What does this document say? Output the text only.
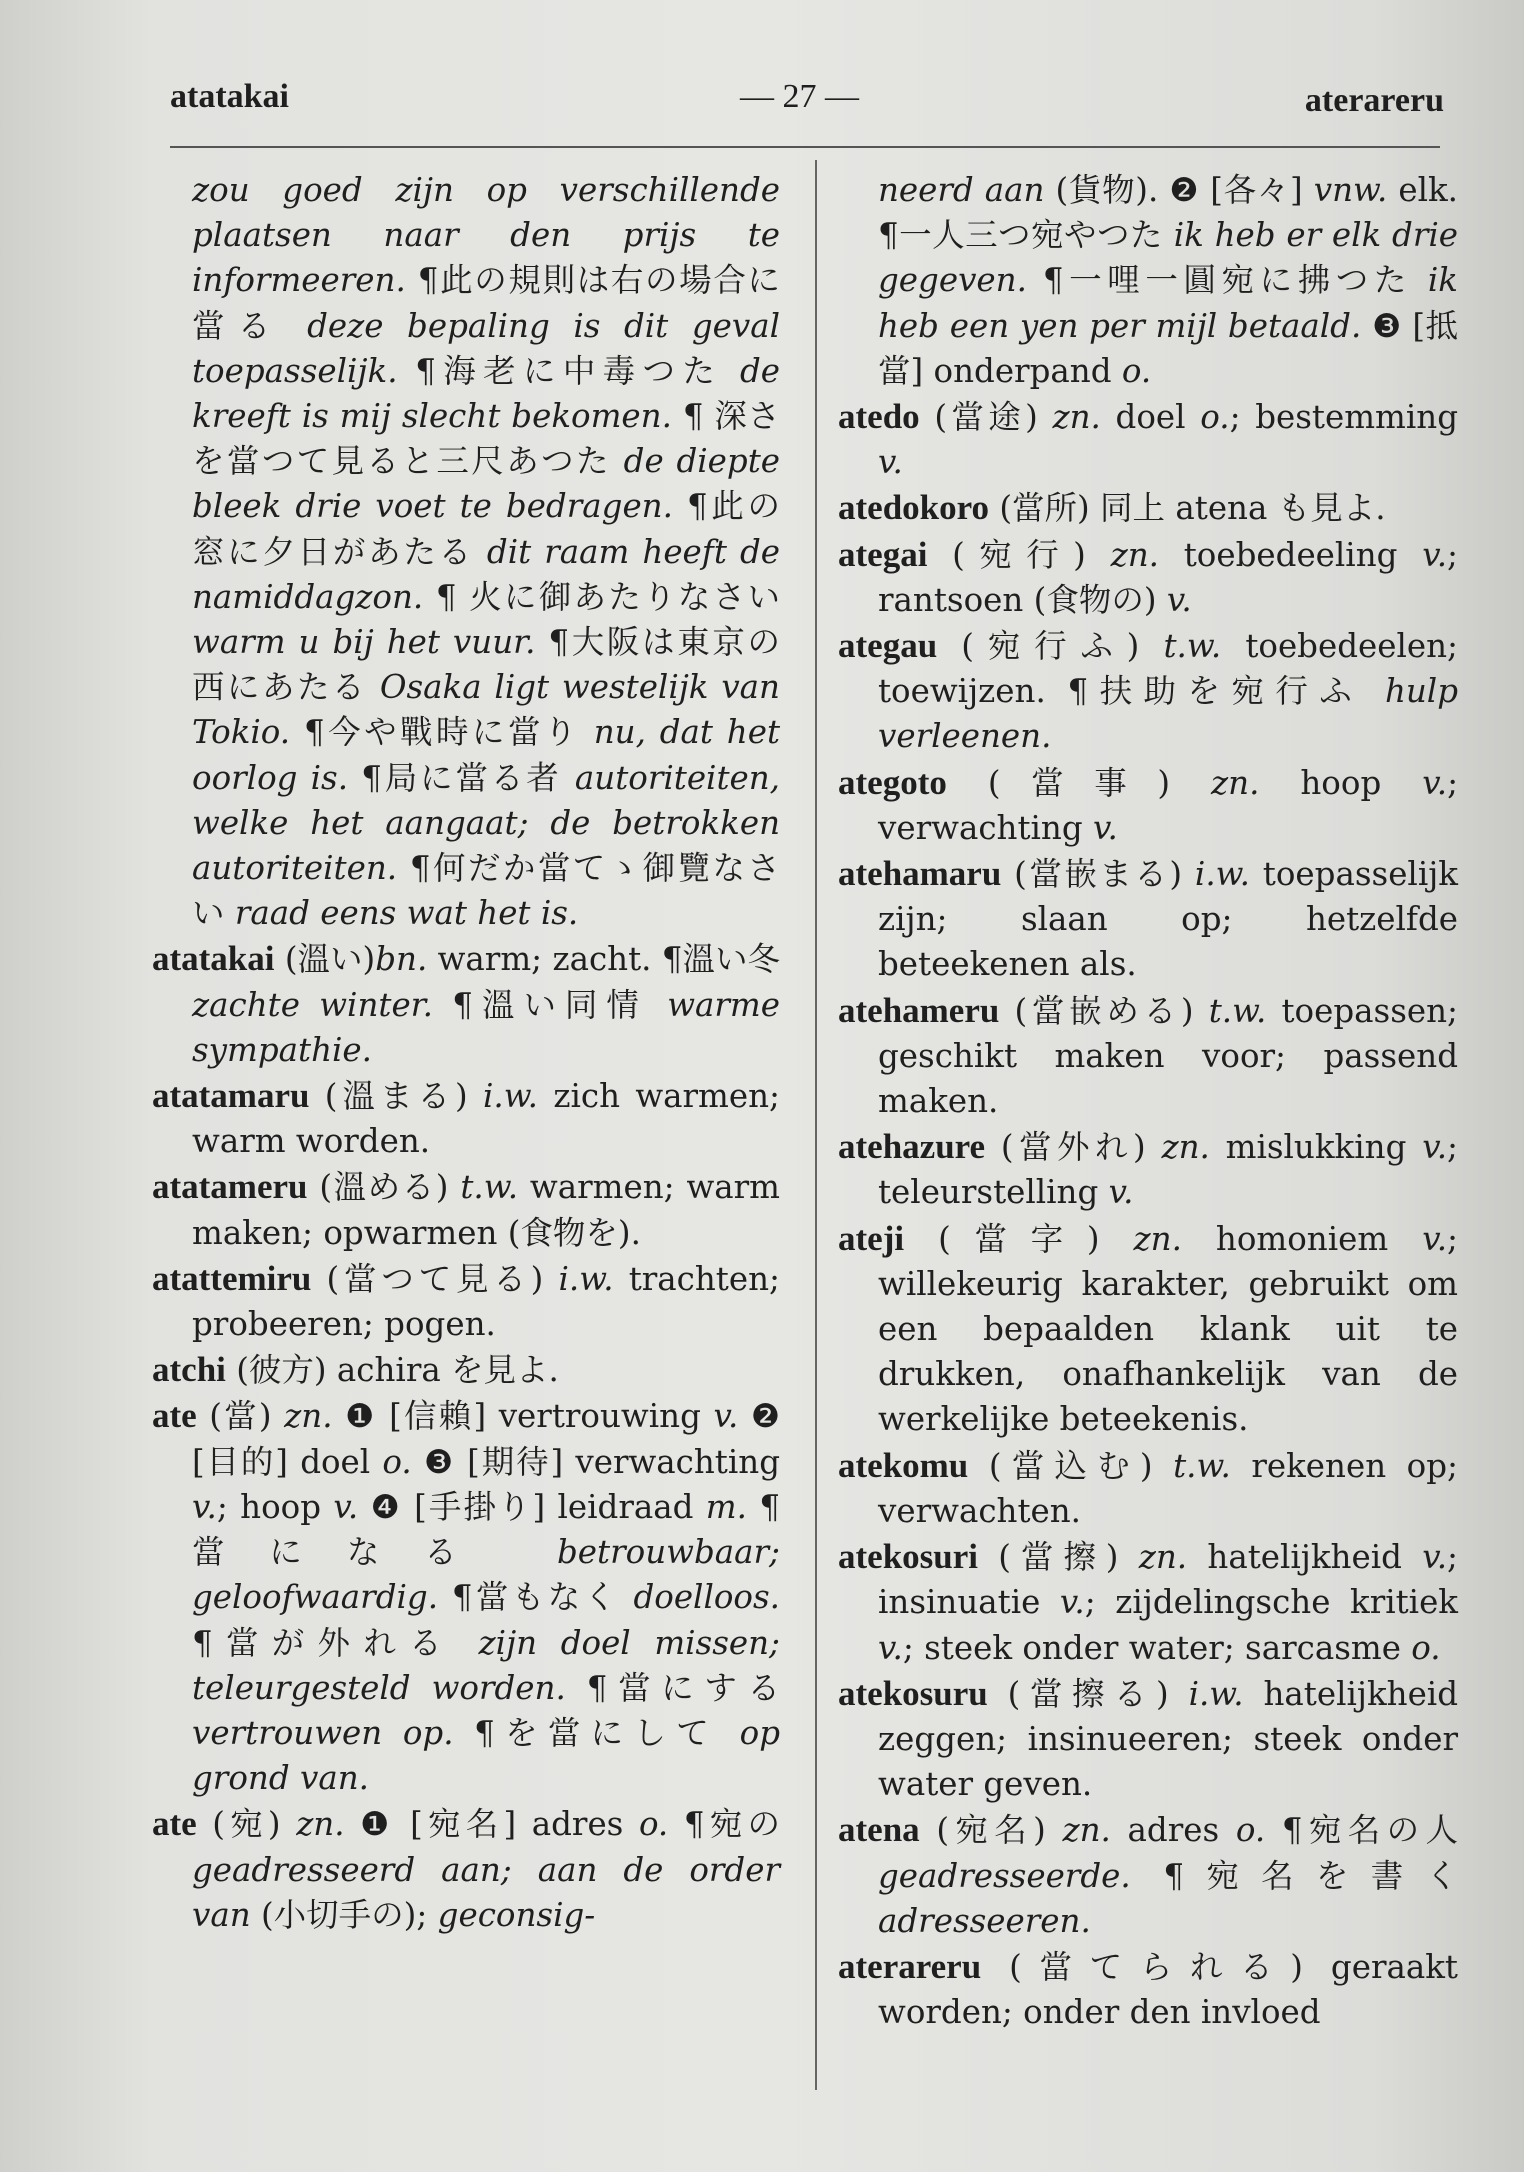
atatakai	— 27 —	aterareru

zou goed zijn op verschillende plaatsen naar den prijs te informeeren. ¶此の規則は右の場合に當る deze bepaling is dit geval toepasselijk. ¶海老に中毒つた de kreeft is mij slecht bekomen. ¶ 深さを當つて見ると三尺あつた de diepte bleek drie voet te bedragen. ¶此の窓に夕日があたる dit raam heeft de namiddagzon. ¶ 火に御あたりなさい warm u bij het vuur. ¶大阪は東京の西にあたる Osaka ligt westelijk van Tokio. ¶今や戰時に當り nu, dat het oorlog is. ¶局に當る者 autoriteiten, welke het aangaat; de betrokken autoriteiten. ¶何だか當てゝ御覽なさい raad eens wat het is.

atatakai (溫い)bn. warm; zacht. ¶溫い冬 zachte winter. ¶溫い同情 warme sympathie.

atatamaru (溫まる) i.w. zich warmen; warm worden.

atatameru (溫める) t.w. warmen; warm maken; opwarmen (食物を).

atattemiru (當つて見る) i.w. trachten; probeeren; pogen.

atchi (彼方) achira を見よ.

ate (當) zn. ❶ [信賴] vertrouwing v. ❷ [目的] doel o. ❸ [期待] verwachting v.; hoop v. ❹ [手掛り] leidraad m. ¶當になる betrouwbaar; geloofwaardig. ¶當もなく doelloos. ¶當が外れる zijn doel missen; teleurgesteld worden. ¶當にする vertrouwen op. ¶を當にして op grond van.

ate (宛) zn. ❶ [宛名] adres o. ¶宛の geadresseerd aan; aan de order van (小切手の); geconsig-

neerd aan (貨物). ❷ [各々] vnw. elk. ¶一人三つ宛やつた ik heb er elk drie gegeven. ¶一哩一圓宛に拂つた ik heb een yen per mijl betaald. ❸ [抵當] onderpand o.

atedo (當途) zn. doel o.; bestemming v.

atedokoro (當所) 同上 atena も見よ.

ategai (宛行) zn. toebedeeling v.; rantsoen (食物の) v.

ategau (宛行ふ) t.w. toebedeelen; toewijzen. ¶扶助を宛行ふ hulp verleenen.

ategoto (當事) zn. hoop v.; verwachting v.

atehamaru (當嵌まる) i.w. toepasselijk zijn; slaan op; hetzelfde beteekenen als.

atehameru (當嵌める) t.w. toepassen; geschikt maken voor; passend maken.

atehazure (當外れ) zn. mislukking v.; teleurstelling v.

ateji (當字) zn. homoniem v.; willekeurig karakter, gebruikt om een bepaalden klank uit te drukken, onafhankelijk van de werkelijke beteekenis.

atekomu (當込む) t.w. rekenen op; verwachten.

atekosuri (當擦) zn. hatelijkheid v.; insinuatie v.; zijdelingsche kritiek v.; steek onder water; sarcasme o.

atekosuru (當擦る) i.w. hatelijkheid zeggen; insinueeren; steek onder water geven.

atena (宛名) zn. adres o. ¶宛名の人 geadresseerde. ¶宛名を書く adresseeren.

aterareru (當てられる) geraakt worden; onder den invloed
